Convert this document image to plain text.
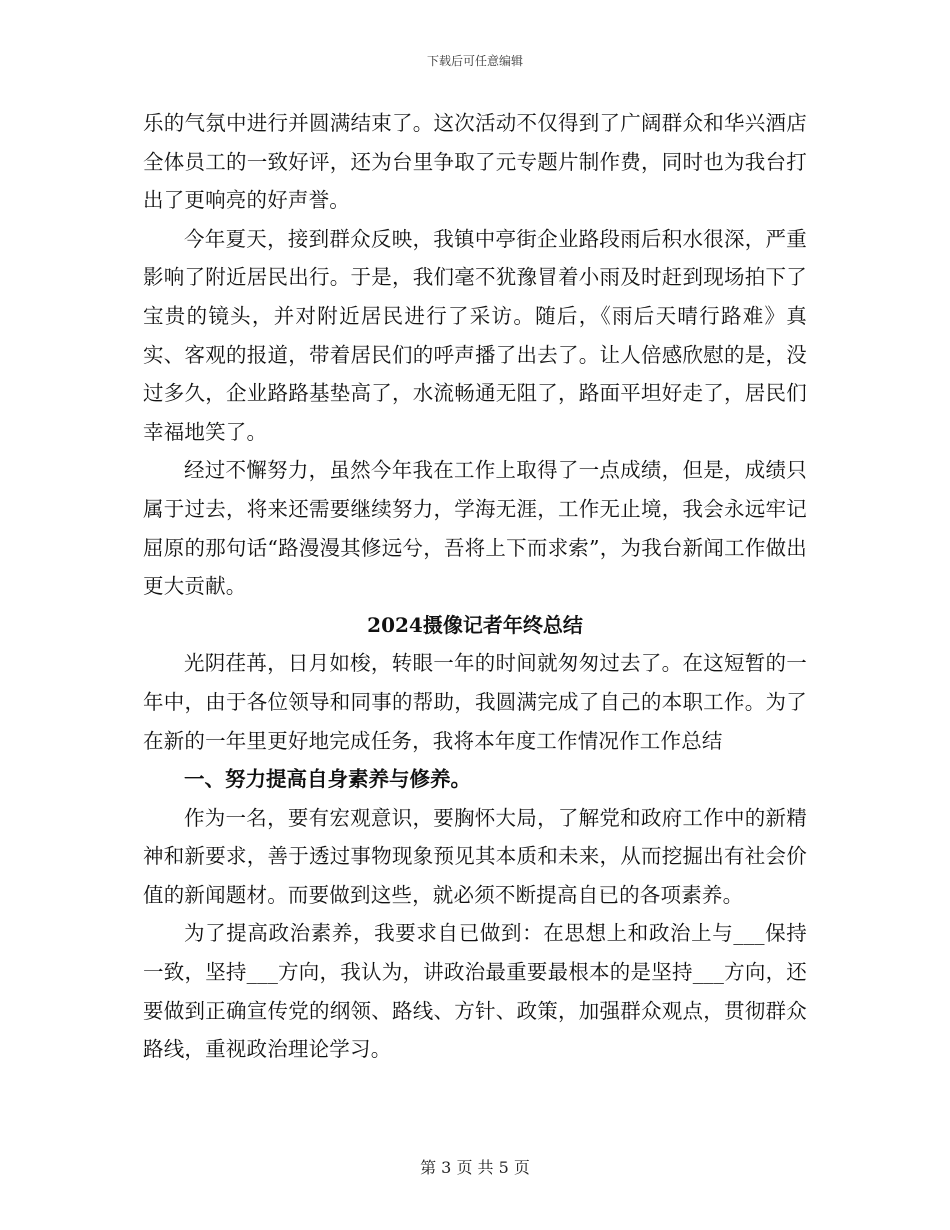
下载后可任意编辑

乐的气氛中进行并圆满结束了。这次活动不仅得到了广阔群众和华兴酒店全体员工的一致好评，还为台里争取了元专题片制作费，同时也为我台打出了更响亮的好声誉。

今年夏天，接到群众反映，我镇中亭街企业路段雨后积水很深，严重影响了附近居民出行。于是，我们毫不犹豫冒着小雨及时赶到现场拍下了宝贵的镜头，并对附近居民进行了采访。随后，《雨后天晴行路难》真实、客观的报道，带着居民们的呼声播了出去了。让人倍感欣慰的是，没过多久，企业路路基垫高了，水流畅通无阻了，路面平坦好走了，居民们幸福地笑了。

经过不懈努力，虽然今年我在工作上取得了一点成绩，但是，成绩只属于过去，将来还需要继续努力，学海无涯，工作无止境，我会永远牢记屈原的那句话“路漫漫其修远兮，吾将上下而求索”，为我台新闻工作做出更大贡献。

2024摄像记者年终总结

光阴荏苒，日月如梭，转眼一年的时间就匆匆过去了。在这短暂的一年中，由于各位领导和同事的帮助，我圆满完成了自己的本职工作。为了在新的一年里更好地完成任务，我将本年度工作情况作工作总结

一、努力提高自身素养与修养。

作为一名，要有宏观意识，要胸怀大局，了解党和政府工作中的新精神和新要求，善于透过事物现象预见其本质和未来，从而挖掘出有社会价值的新闻题材。而要做到这些，就必须不断提高自已的各项素养。

为了提高政治素养，我要求自已做到：在思想上和政治上与___保持一致，坚持___方向，我认为，讲政治最重要最根本的是坚持___方向，还要做到正确宣传党的纲领、路线、方针、政策，加强群众观点，贯彻群众路线，重视政治理论学习。

第 3 页 共 5 页
